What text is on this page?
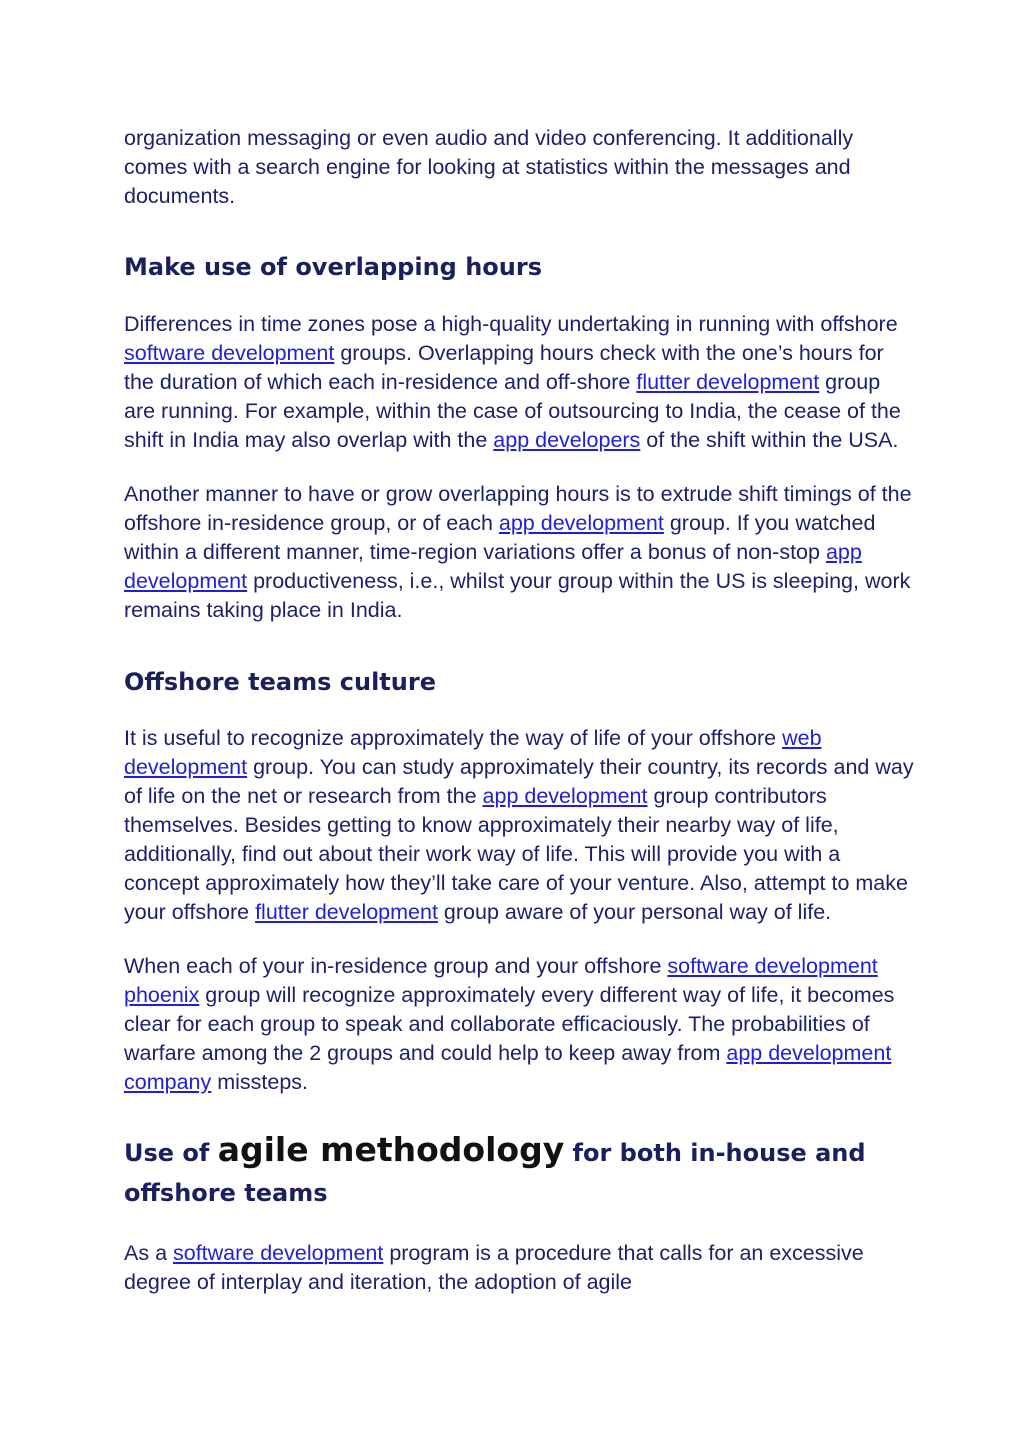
organization messaging or even audio and video conferencing. It additionally comes with a search engine for looking at statistics within the messages and documents.

Make use of overlapping hours

Differences in time zones pose a high-quality undertaking in running with offshore software development groups. Overlapping hours check with the one’s hours for the duration of which each in-residence and off-shore flutter development group are running. For example, within the case of outsourcing to India, the cease of the shift in India may also overlap with the app developers of the shift within the USA.

Another manner to have or grow overlapping hours is to extrude shift timings of the offshore in-residence group, or of each app development group. If you watched within a different manner, time-region variations offer a bonus of non-stop app development productiveness, i.e., whilst your group within the US is sleeping, work remains taking place in India.

Offshore teams culture

It is useful to recognize approximately the way of life of your offshore web development group. You can study approximately their country, its records and way of life on the net or research from the app development group contributors themselves. Besides getting to know approximately their nearby way of life, additionally, find out about their work way of life. This will provide you with a concept approximately how they’ll take care of your venture. Also, attempt to make your offshore flutter development group aware of your personal way of life.

When each of your in-residence group and your offshore software development phoenix group will recognize approximately every different way of life, it becomes clear for each group to speak and collaborate efficaciously. The probabilities of warfare among the 2 groups and could help to keep away from app development company missteps.

Use of agile methodology for both in-house and
offshore teams

As a software development program is a procedure that calls for an excessive degree of interplay and iteration, the adoption of agile
